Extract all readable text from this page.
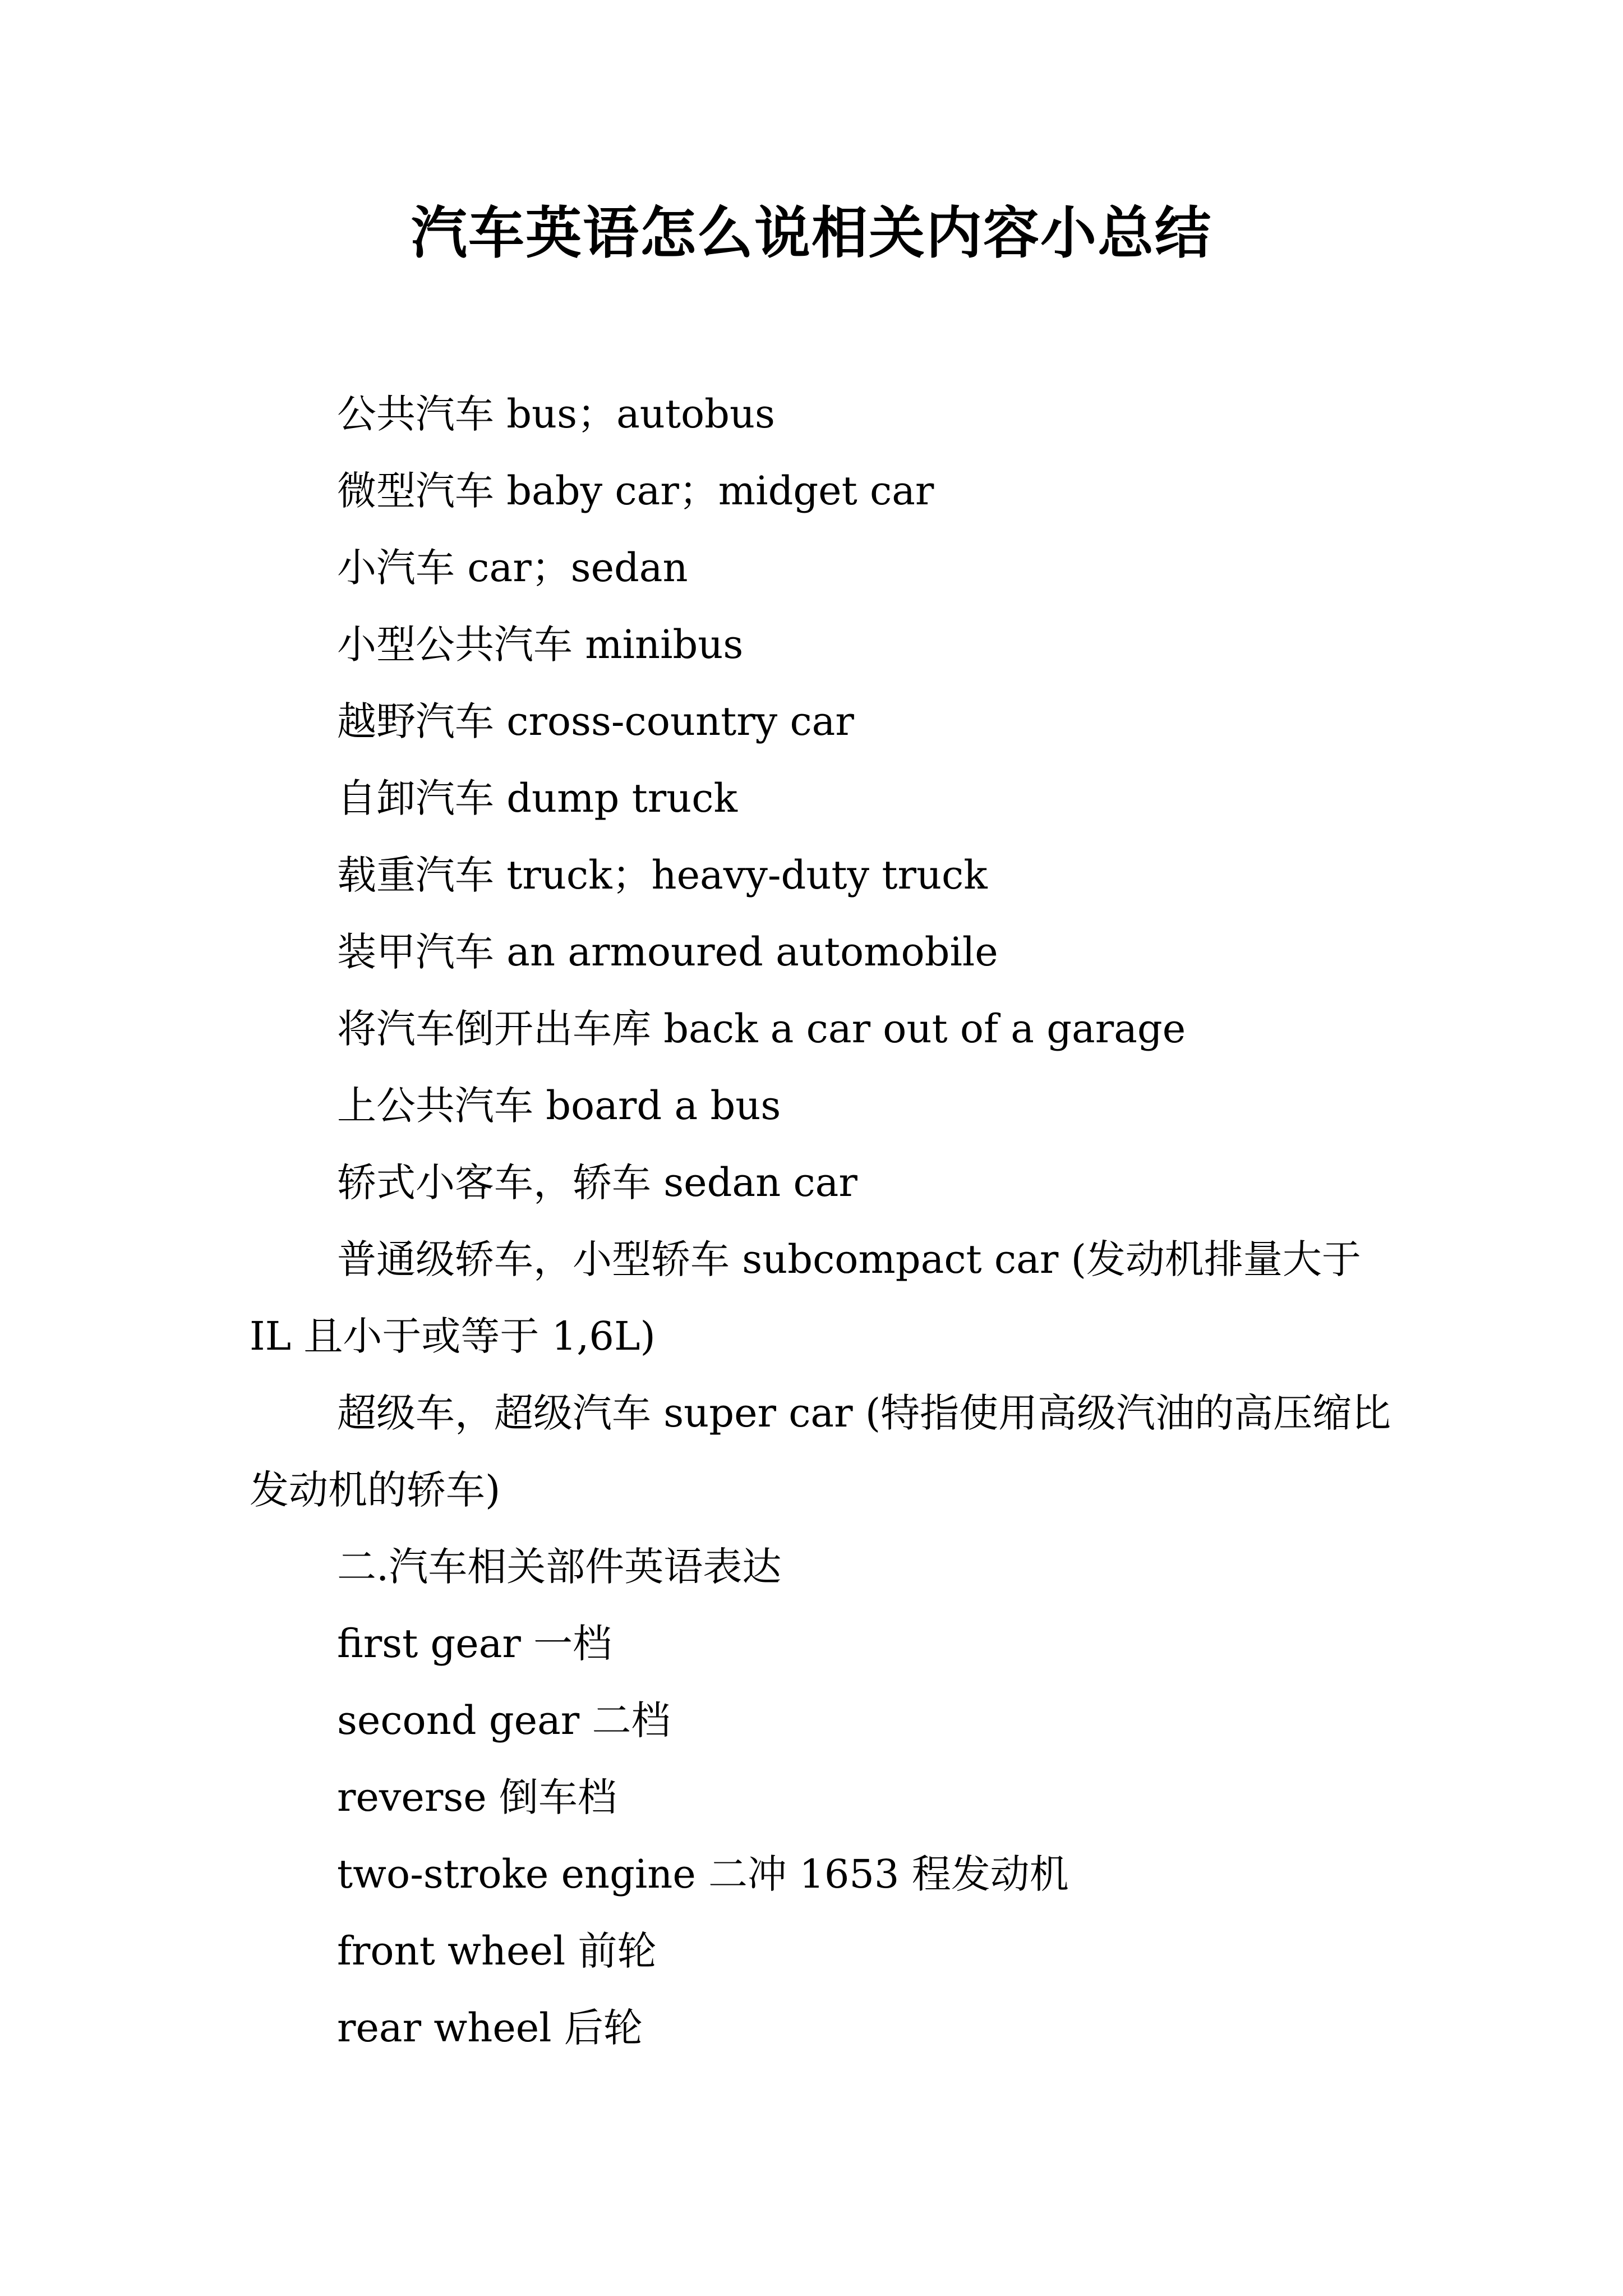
汽车英语怎么说相关内容小总结

公共汽车 bus；autobus

微型汽车 baby car；midget car

小汽车 car；sedan

小型公共汽车 minibus

越野汽车 cross-country car

自卸汽车 dump truck

载重汽车 truck；heavy-duty truck

装甲汽车 an armoured automobile

将汽车倒开出车库 back a car out of a garage

上公共汽车 board a bus

轿式小客车，轿车 sedan car

普通级轿车，小型轿车 subcompact car (发动机排量大于 IL 且小于或等于 1,6L)

超级车，超级汽车 super car (特指使用高级汽油的高压缩比发动机的轿车)

二.汽车相关部件英语表达

first gear 一档

second gear 二档

reverse 倒车档

two-stroke engine 二冲 1653 程发动机

front wheel 前轮

rear wheel 后轮
